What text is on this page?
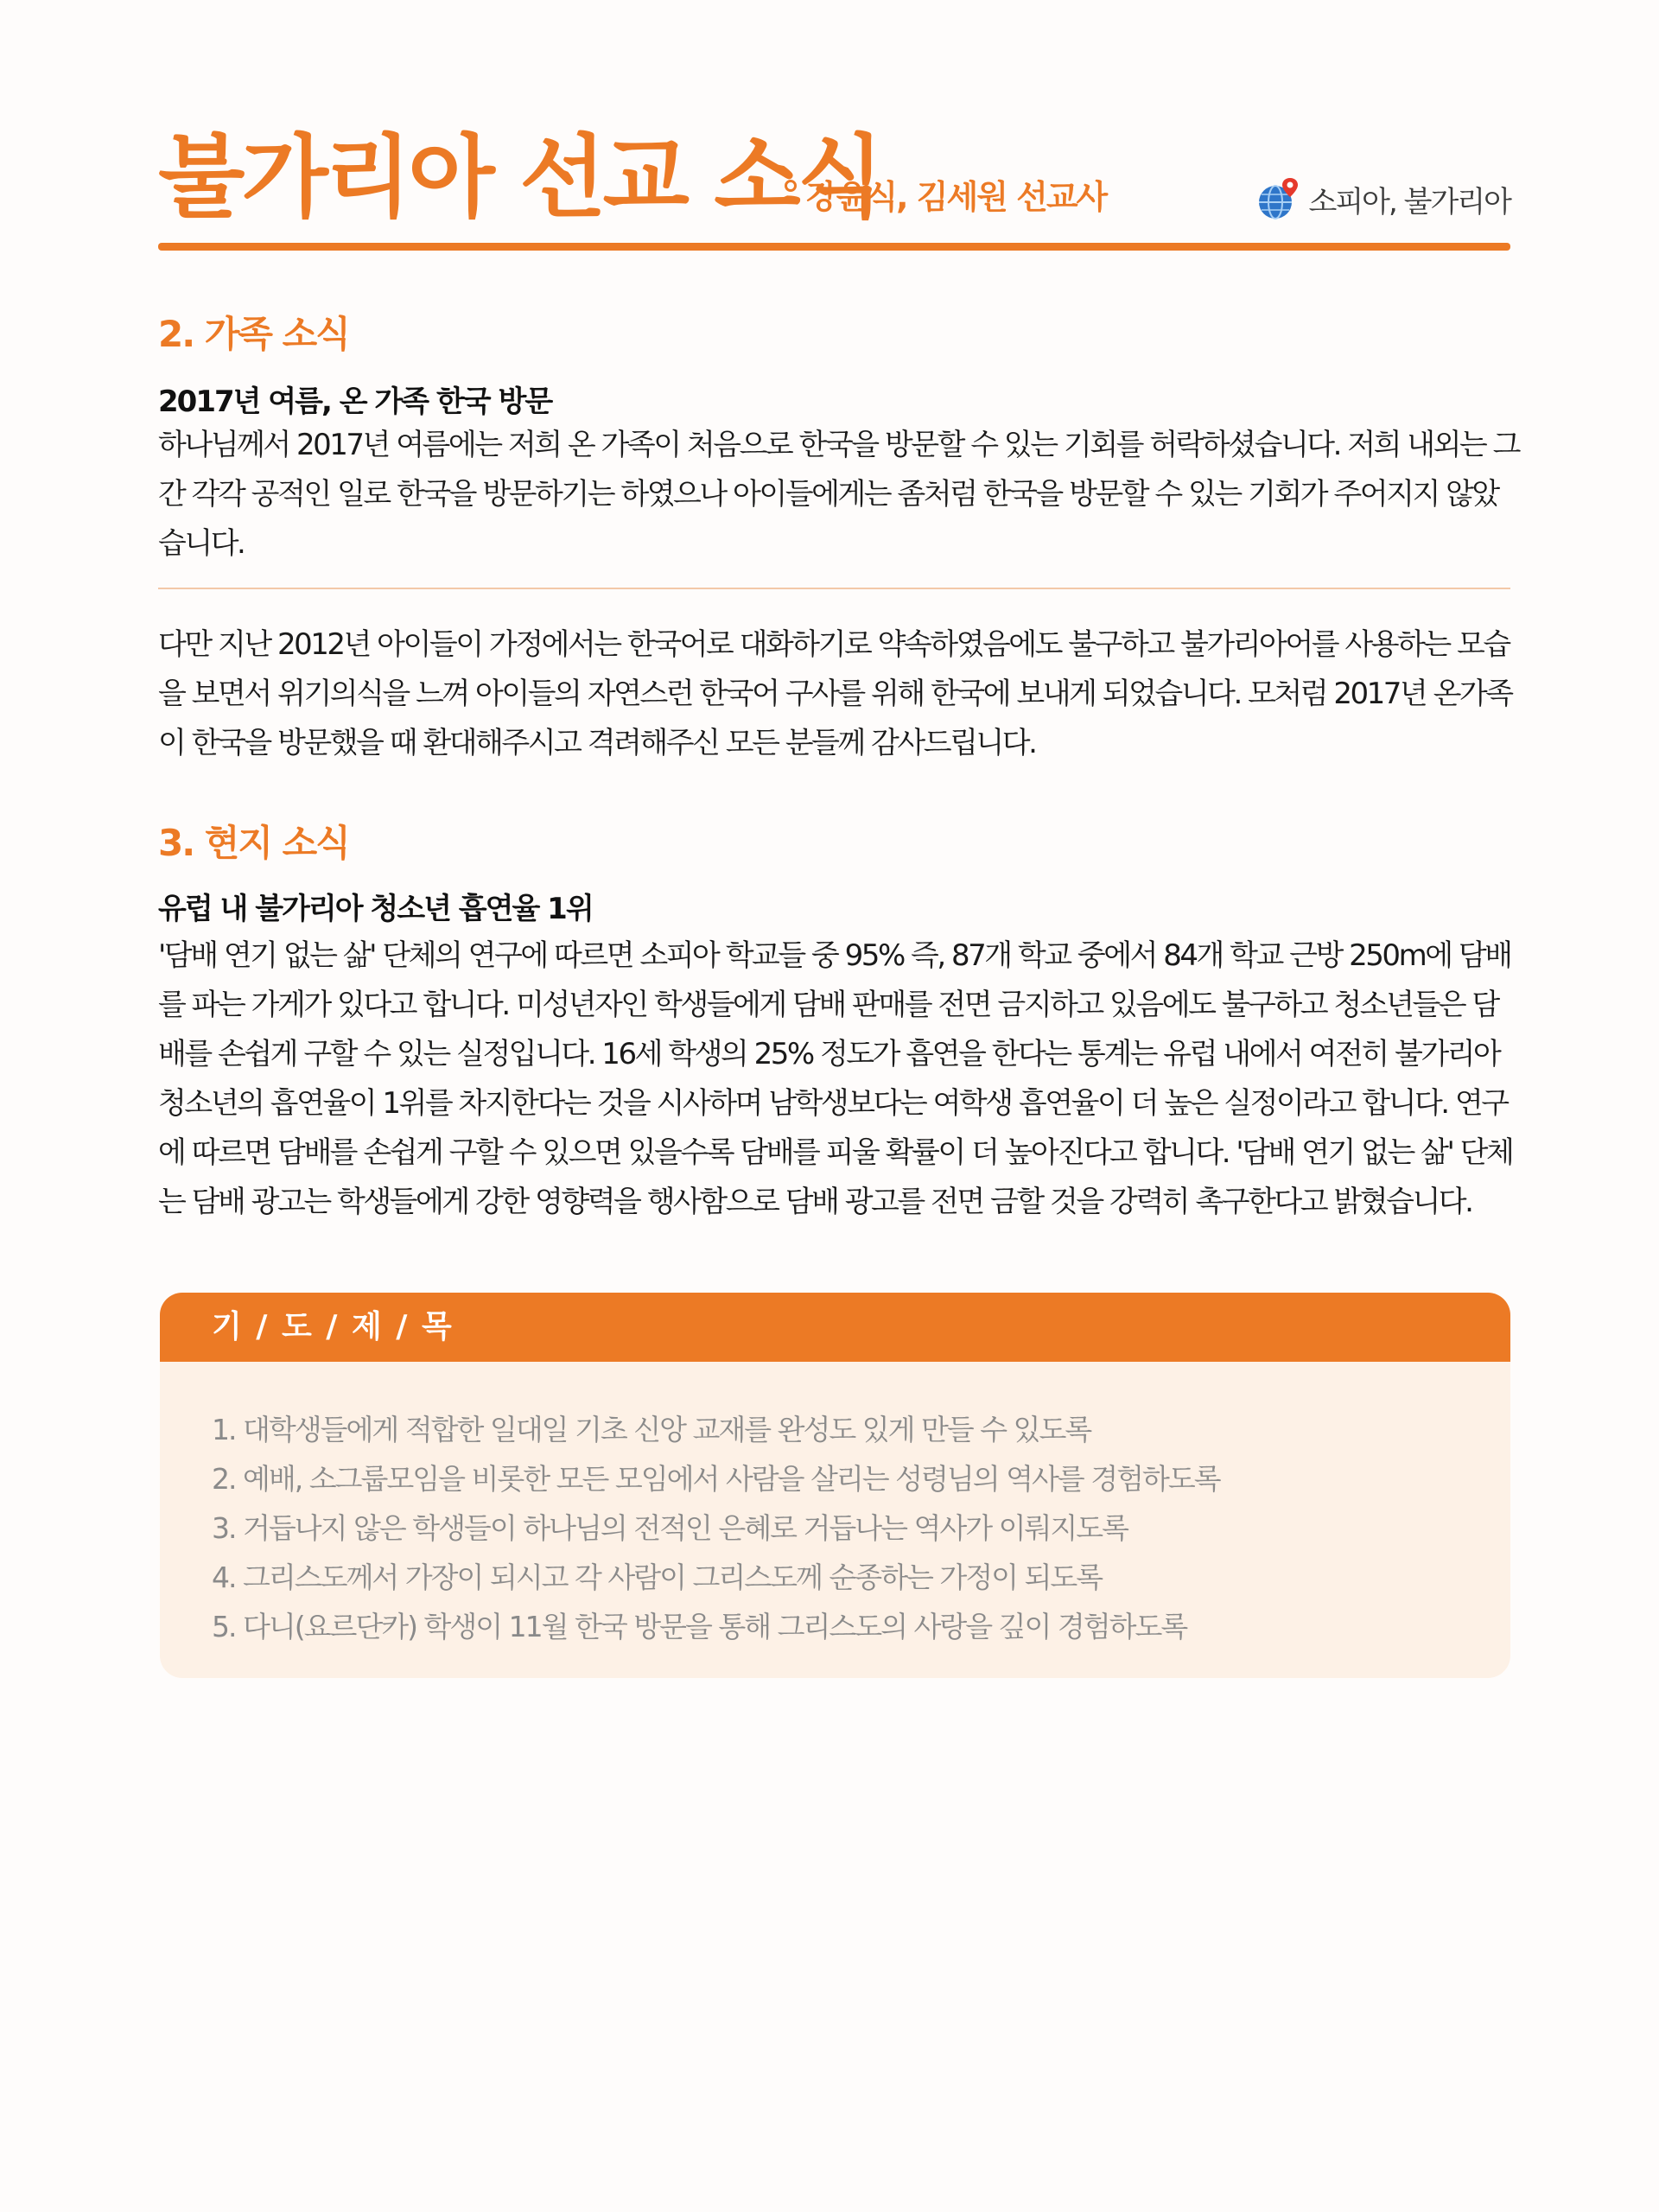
불가리아 선교 소식
강윤식, 김세원 선교사	소피아, 불가리아
2. 가족 소식
2017년 여름, 온 가족 한국 방문

하나님께서 2017년 여름에는 저희 온 가족이 처음으로 한국을 방문할 수 있는 기회를 허락하셨습니다. 저희 내외는 그간 각각 공적인 일로 한국을 방문하기는 하였으나 아이들에게는 좀처럼 한국을 방문할 수 있는 기회가 주어지지 않았습니다.

다만 지난 2012년 아이들이 가정에서는 한국어로 대화하기로 약속하였음에도 불구하고 불가리아어를 사용하는 모습을 보면서 위기의식을 느껴 아이들의 자연스런 한국어 구사를 위해 한국에 보내게 되었습니다. 모처럼 2017년 온가족이 한국을 방문했을 때 환대해주시고 격려해주신 모든 분들께 감사드립니다.

3. 현지 소식
유럽 내 불가리아 청소년 흡연율 1위

'담배 연기 없는 삶' 단체의 연구에 따르면 소피아 학교들 중 95% 즉, 87개 학교 중에서 84개 학교 근방 250m에 담배를 파는 가게가 있다고 합니다. 미성년자인 학생들에게 담배 판매를 전면 금지하고 있음에도 불구하고 청소년들은 담배를 손쉽게 구할 수 있는 실정입니다. 16세 학생의 25% 정도가 흡연을 한다는 통계는 유럽 내에서 여전히 불가리아 청소년의 흡연율이 1위를 차지한다는 것을 시사하며 남학생보다는 여학생 흡연율이 더 높은 실정이라고 합니다. 연구에 따르면 담배를 손쉽게 구할 수 있으면 있을수록 담배를 피울 확률이 더 높아진다고 합니다. '담배 연기 없는 삶' 단체는 담배 광고는 학생들에게 강한 영향력을 행사함으로 담배 광고를 전면 금할 것을 강력히 촉구한다고 밝혔습니다.

기 / 도 / 제 / 목
1. 대학생들에게 적합한 일대일 기초 신앙 교재를 완성도 있게 만들 수 있도록
2. 예배, 소그룹모임을 비롯한 모든 모임에서 사람을 살리는 성령님의 역사를 경험하도록
3. 거듭나지 않은 학생들이 하나님의 전적인 은혜로 거듭나는 역사가 이뤄지도록
4. 그리스도께서 가장이 되시고 각 사람이 그리스도께 순종하는 가정이 되도록
5. 다니(요르단카) 학생이 11월 한국 방문을 통해 그리스도의 사랑을 깊이 경험하도록
